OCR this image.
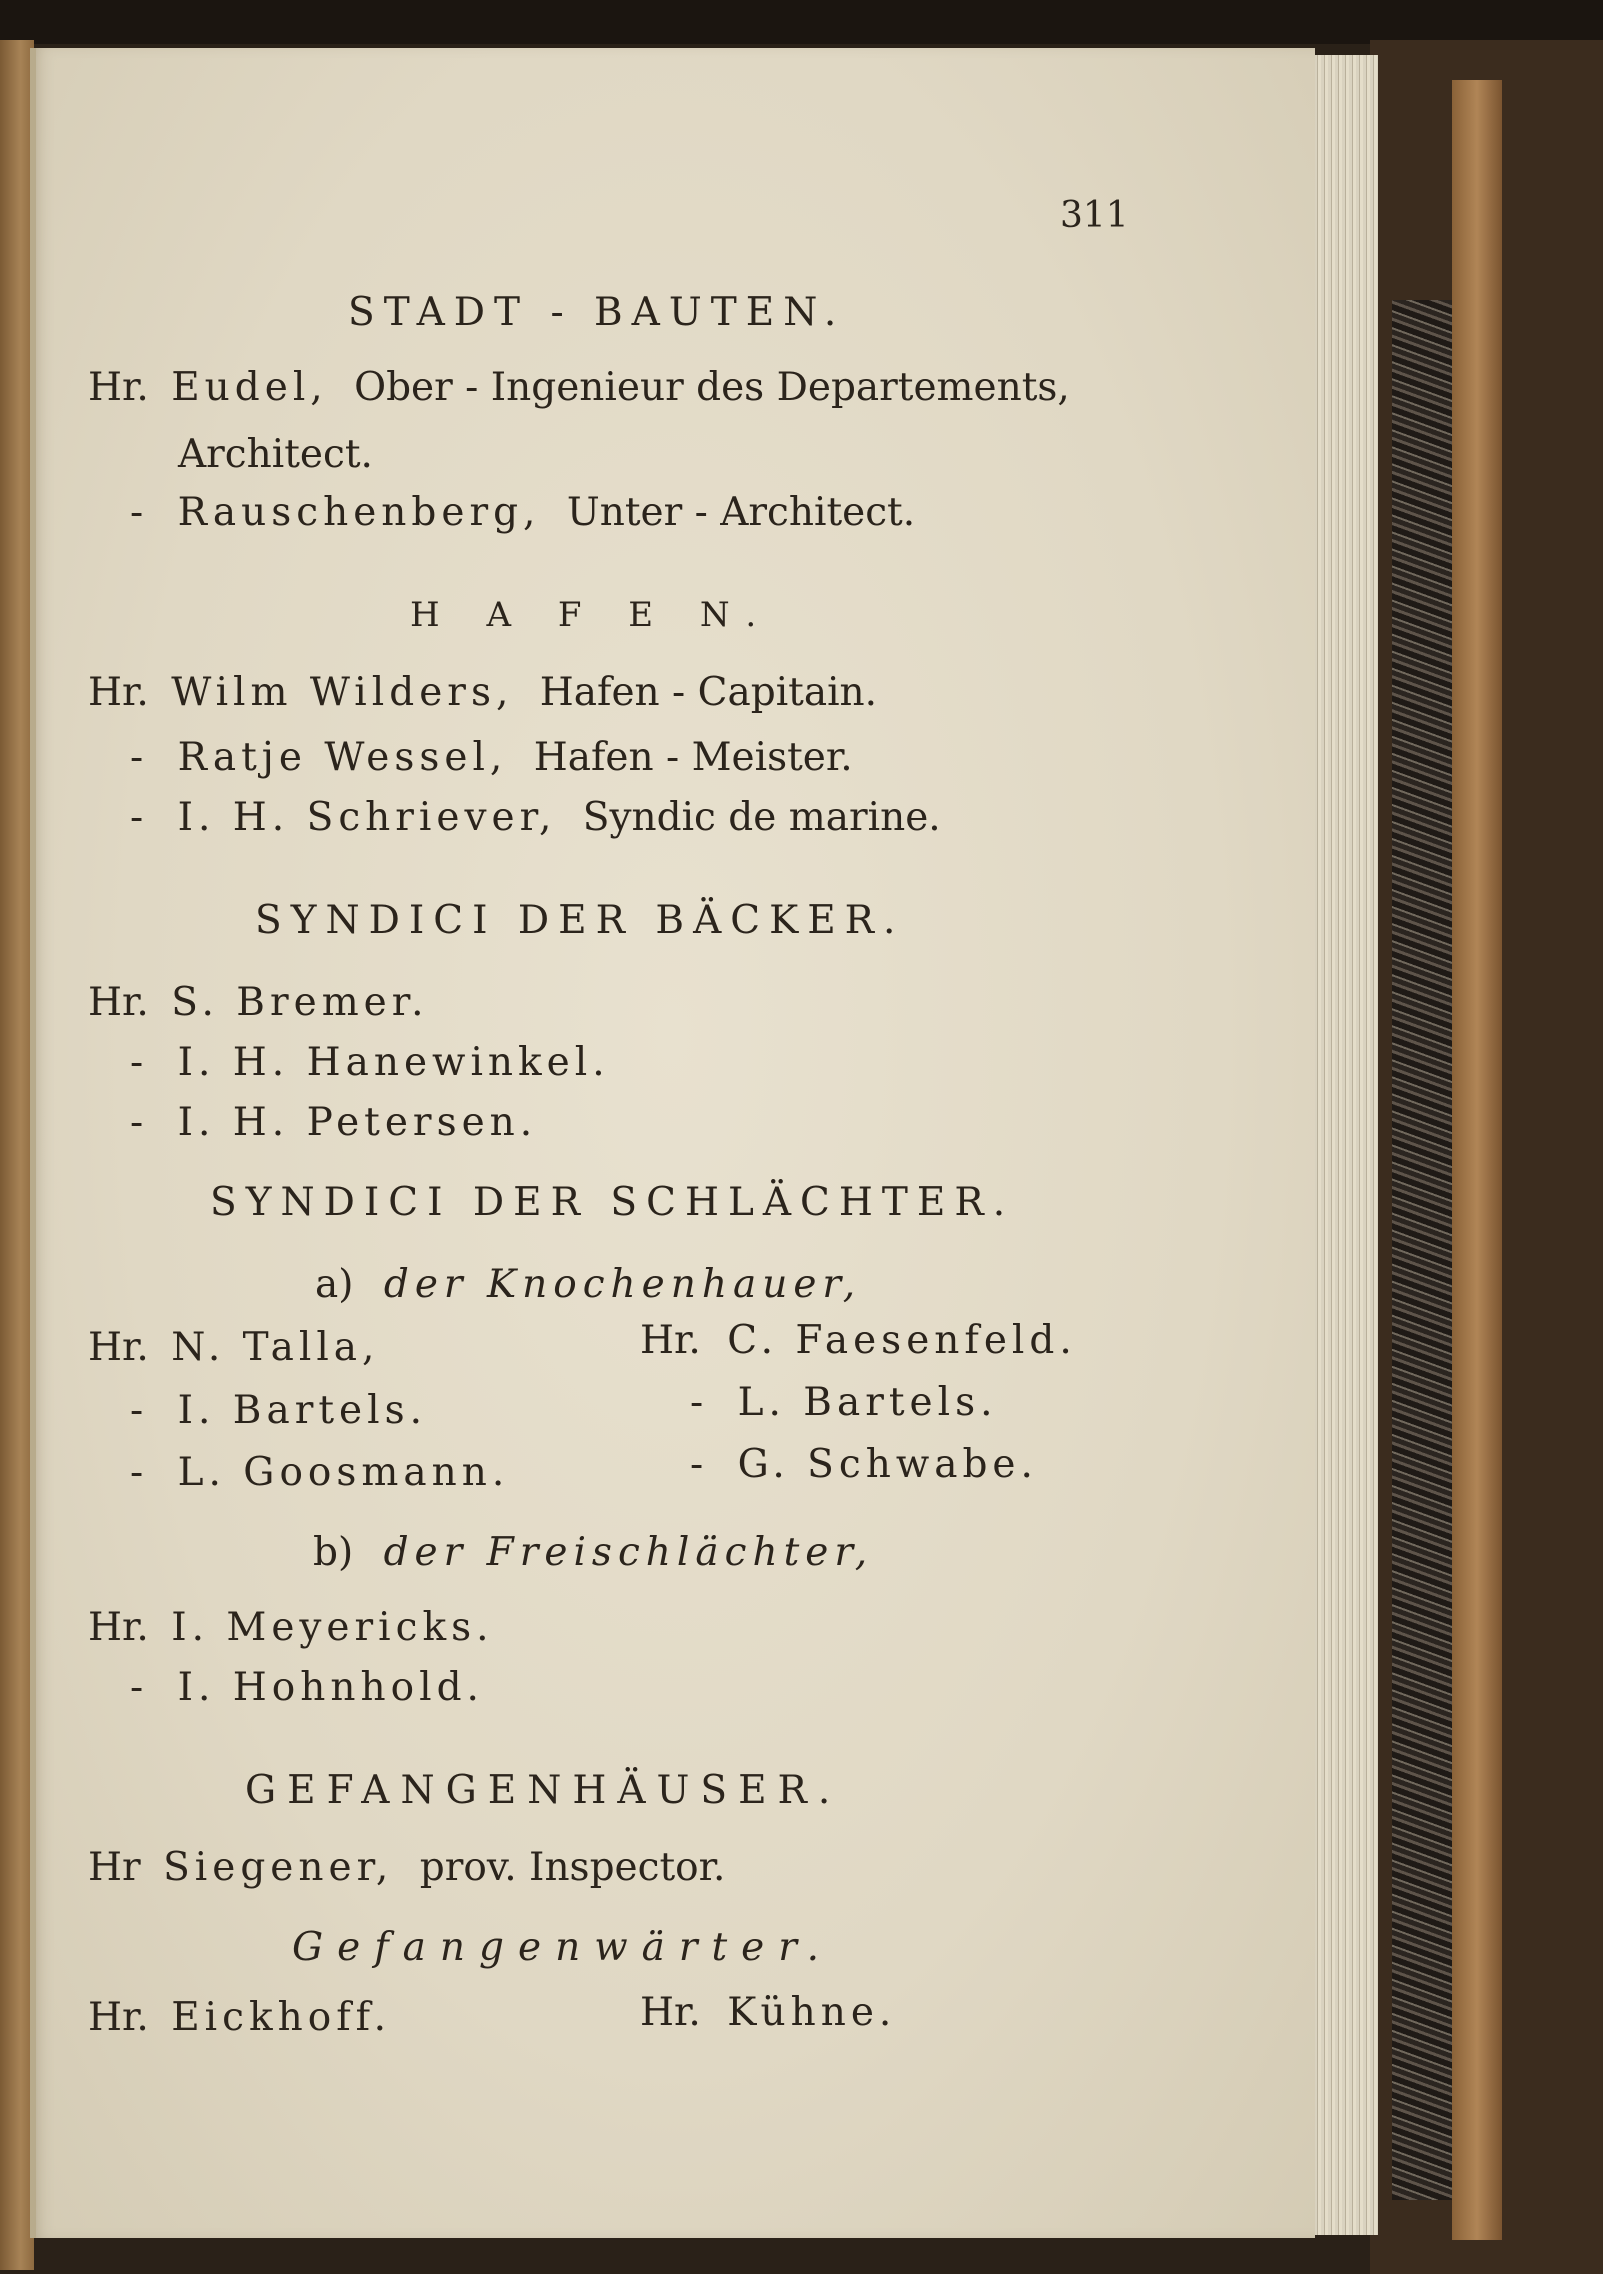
311
STADT - BAUTEN.
Hr. Eudel, Ober - Ingenieur des Departements,
Architect.
- Rauschenberg, Unter - Architect.
H A F E N.
Hr. Wilm Wilders, Hafen - Capitain.
- Ratje Wessel, Hafen - Meister.
- I. H. Schriever, Syndic de marine.
SYNDICI DER BÄCKER.
Hr. S. Bremer.
- I. H. Hanewinkel.
- I. H. Petersen.
SYNDICI DER SCHLÄCHTER.
a) der Knochenhauer,
Hr. N. Talla,
- I. Bartels.
- L. Goosmann.
Hr. C. Faesenfeld.
- L. Bartels.
- G. Schwabe.
b) der Freischlächter,
Hr. I. Meyericks.
- I. Hohnhold.
GEFANGENHÄUSER.
Hr Siegener, prov. Inspector.
Gefangenwärter.
Hr. Eickhoff.	Hr. Kühne.
